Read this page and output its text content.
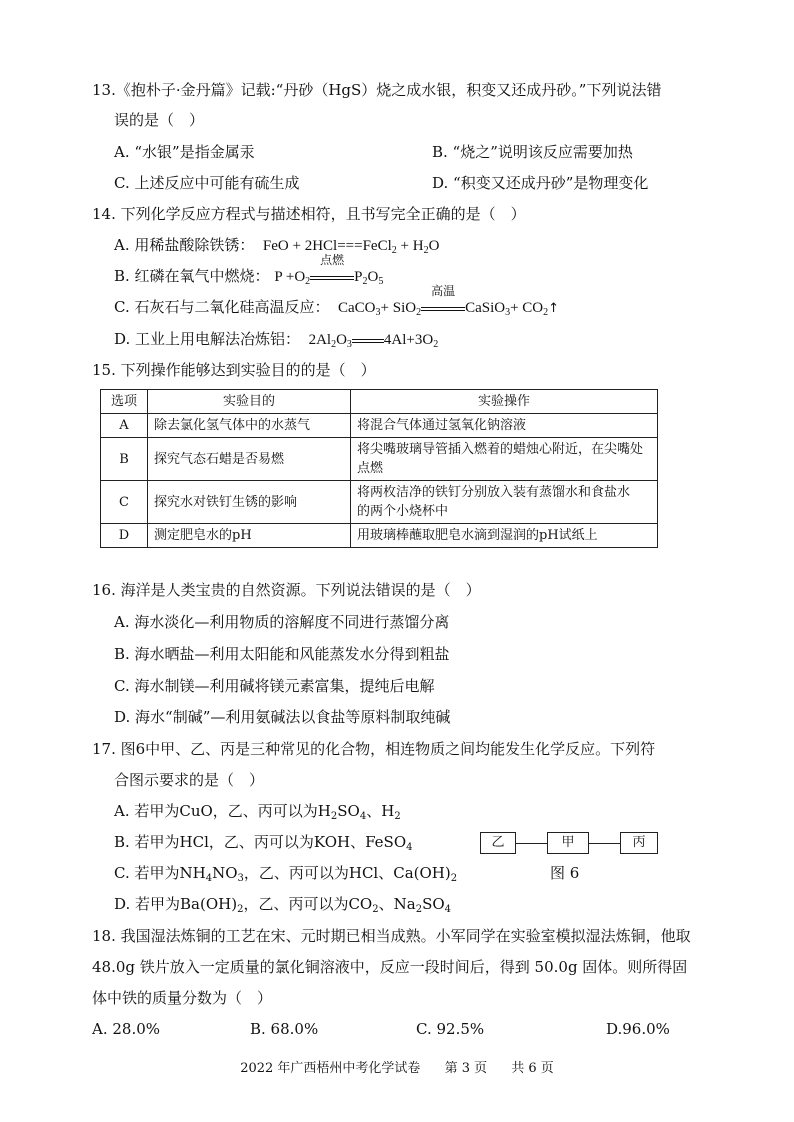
13.《抱朴子·金丹篇》记载:“丹砂（HgS）烧之成水银，积变又还成丹砂。”下列说法错
误的是（　）
A. “水银”是指金属汞	B. “烧之”说明该反应需要加热
C. 上述反应中可能有硫生成	D. “积变又还成丹砂”是物理变化
14. 下列化学反应方程式与描述相符，且书写完全正确的是（　）
A. 用稀盐酸除铁锈：  FeO + 2HCl===FeCl$_2$ + $H_2O$
B. 红磷在氧气中燃烧： $P +O_2$
点燃
$P_2O_5$
C. 石灰石与二氧化硅高温反应：  CaCO$_3$+ SiO$_2$
高温
CaSiO$_3$+ $CO_2↑$
D. 工业上用电解法冶炼铝： $2Al_2O_3$ $4Al+3O_2$
15. 下列操作能够达到实验目的的是（　）
选项	实验目的	实验操作
A	除去氯化氢气体中的水蒸气	将混合气体通过氢氧化钠溶液
B	探究气态石蜡是否易燃	将尖嘴玻璃导管插入燃着的蜡烛心附近，在尖嘴处
点燃
C	探究水对铁钉生锈的影响	将两枚洁净的铁钉分别放入装有蒸馏水和食盐水
的两个小烧杯中
D	测定肥皂水的pH	用玻璃棒蘸取肥皂水滴到湿润的pH试纸上
16. 海洋是人类宝贵的自然资源。下列说法错误的是（　）
A. 海水淡化—利用物质的溶解度不同进行蒸馏分离
B. 海水晒盐—利用太阳能和风能蒸发水分得到粗盐
C. 海水制镁—利用碱将镁元素富集，提纯后电解
D. 海水“制碱”—利用氨碱法以食盐等原料制取纯碱
17. 图6中甲、乙、丙是三种常见的化合物，相连物质之间均能发生化学反应。下列符
合图示要求的是（　）
A. 若甲为CuO，乙、丙可以为$H_2SO_4$、$H_2$
B. 若甲为HCl，乙、丙可以为KOH、FeSO$_4$
C. 若甲为$NH_4NO_3$，乙、丙可以为HCl、$Ca(OH)_2$
D. 若甲为$Ba(OH)_2$，乙、丙可以为$CO_2$、$Na_2SO_4$
乙	甲	丙
图 6
18. 我国湿法炼铜的工艺在宋、元时期已相当成熟。小军同学在实验室模拟湿法炼铜，他取
48.0g 铁片放入一定质量的氯化铜溶液中，反应一段时间后，得到 50.0g 固体。则所得固
体中铁的质量分数为（　）
A. 28.0%	B. 68.0%	C. 92.5%	D.96.0%
2022 年广西梧州中考化学试卷 第 3 页 共 6 页
